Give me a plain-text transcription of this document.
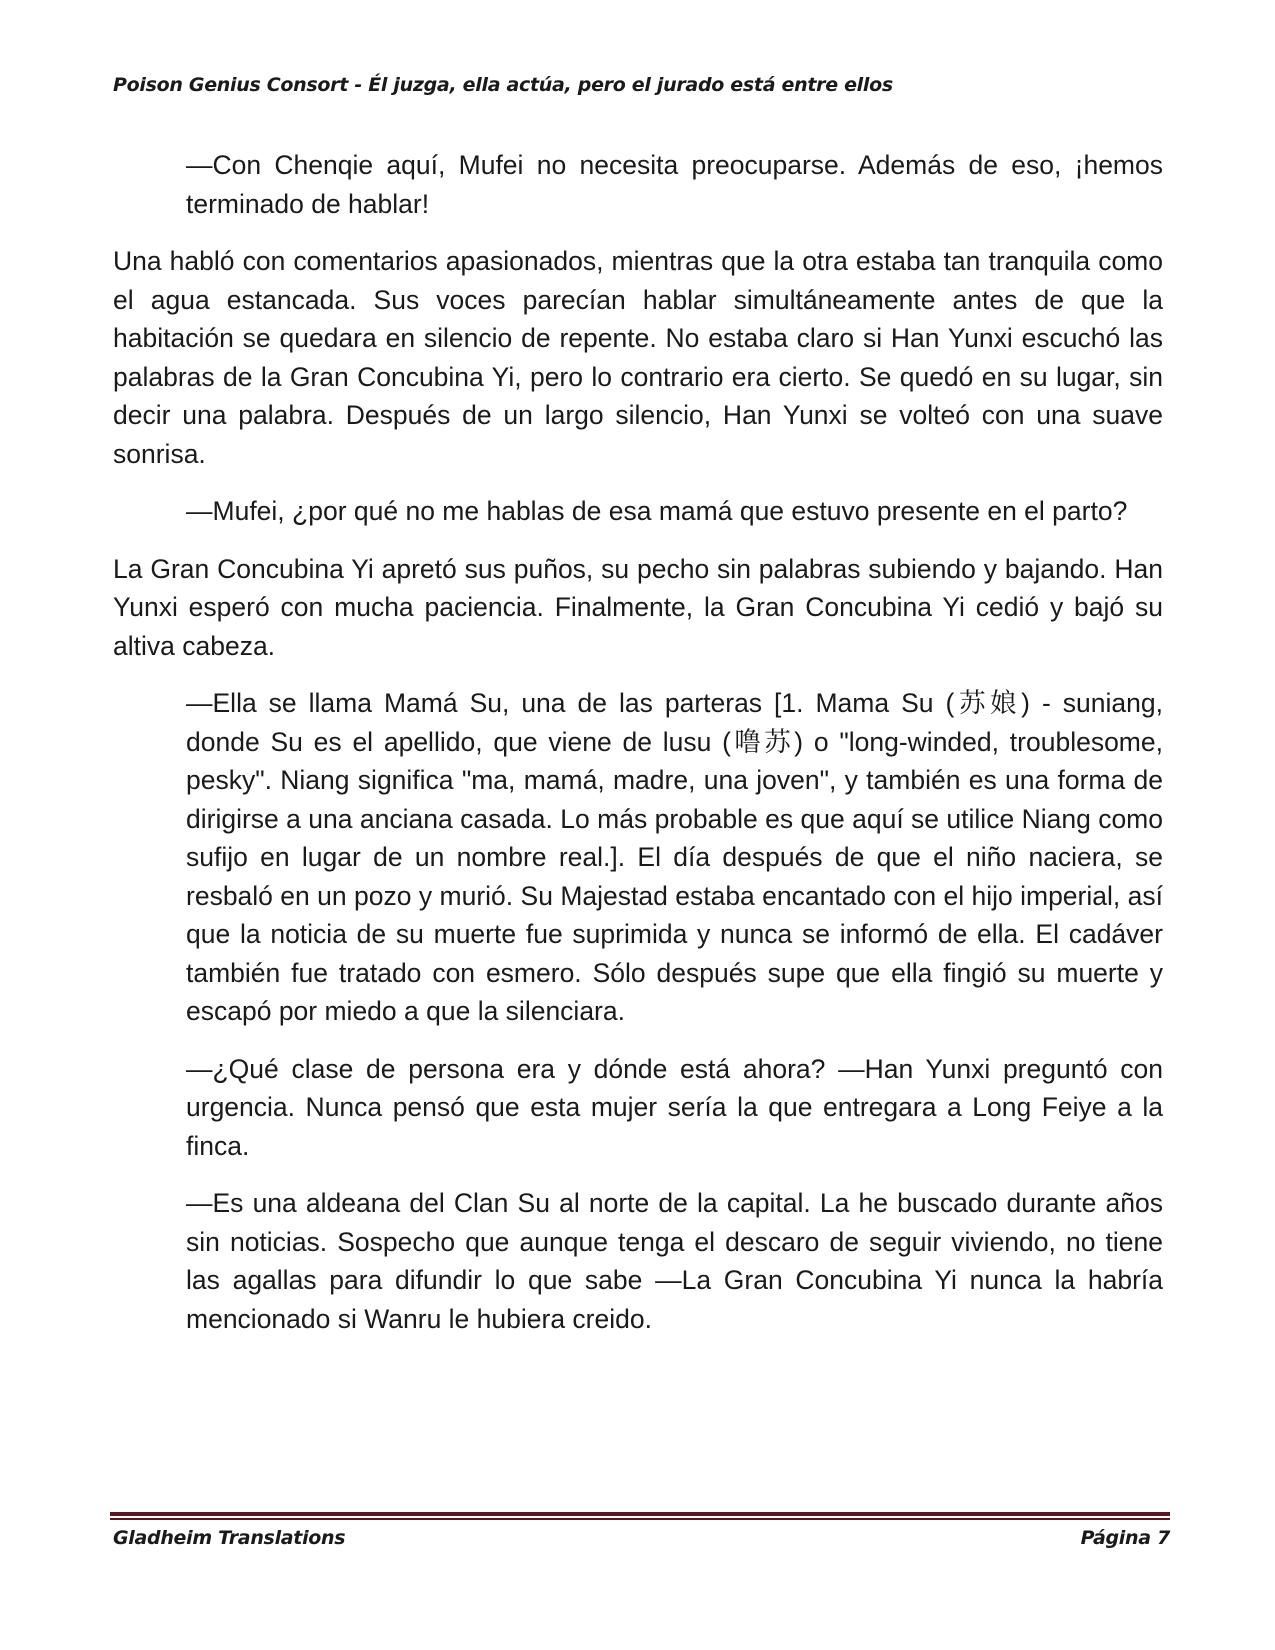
Poison Genius Consort - Él juzga, ella actúa, pero el jurado está entre ellos

—Con Chenqie aquí, Mufei no necesita preocuparse. Además de eso, ¡hemos terminado de hablar!

Una habló con comentarios apasionados, mientras que la otra estaba tan tranquila como el agua estancada. Sus voces parecían hablar simultáneamente antes de que la habitación se quedara en silencio de repente. No estaba claro si Han Yunxi escuchó las palabras de la Gran Concubina Yi, pero lo contrario era cierto. Se quedó en su lugar, sin decir una palabra. Después de un largo silencio, Han Yunxi se volteó con una suave sonrisa.

—Mufei, ¿por qué no me hablas de esa mamá que estuvo presente en el parto?

La Gran Concubina Yi apretó sus puños, su pecho sin palabras subiendo y bajando. Han Yunxi esperó con mucha paciencia. Finalmente, la Gran Concubina Yi cedió y bajó su altiva cabeza.

—Ella se llama Mamá Su, una de las parteras [1. Mama Su (苏娘) - suniang, donde Su es el apellido, que viene de lusu (噜苏) o "long-winded, troublesome, pesky". Niang significa "ma, mamá, madre, una joven", y también es una forma de dirigirse a una anciana casada. Lo más probable es que aquí se utilice Niang como sufijo en lugar de un nombre real.]. El día después de que el niño naciera, se resbaló en un pozo y murió. Su Majestad estaba encantado con el hijo imperial, así que la noticia de su muerte fue suprimida y nunca se informó de ella. El cadáver también fue tratado con esmero. Sólo después supe que ella fingió su muerte y escapó por miedo a que la silenciara.

—¿Qué clase de persona era y dónde está ahora? —Han Yunxi preguntó con urgencia. Nunca pensó que esta mujer sería la que entregara a Long Feiye a la finca.

—Es una aldeana del Clan Su al norte de la capital. La he buscado durante años sin noticias. Sospecho que aunque tenga el descaro de seguir viviendo, no tiene las agallas para difundir lo que sabe —La Gran Concubina Yi nunca la habría mencionado si Wanru le hubiera creido.

Gladheim Translations	Página 7
